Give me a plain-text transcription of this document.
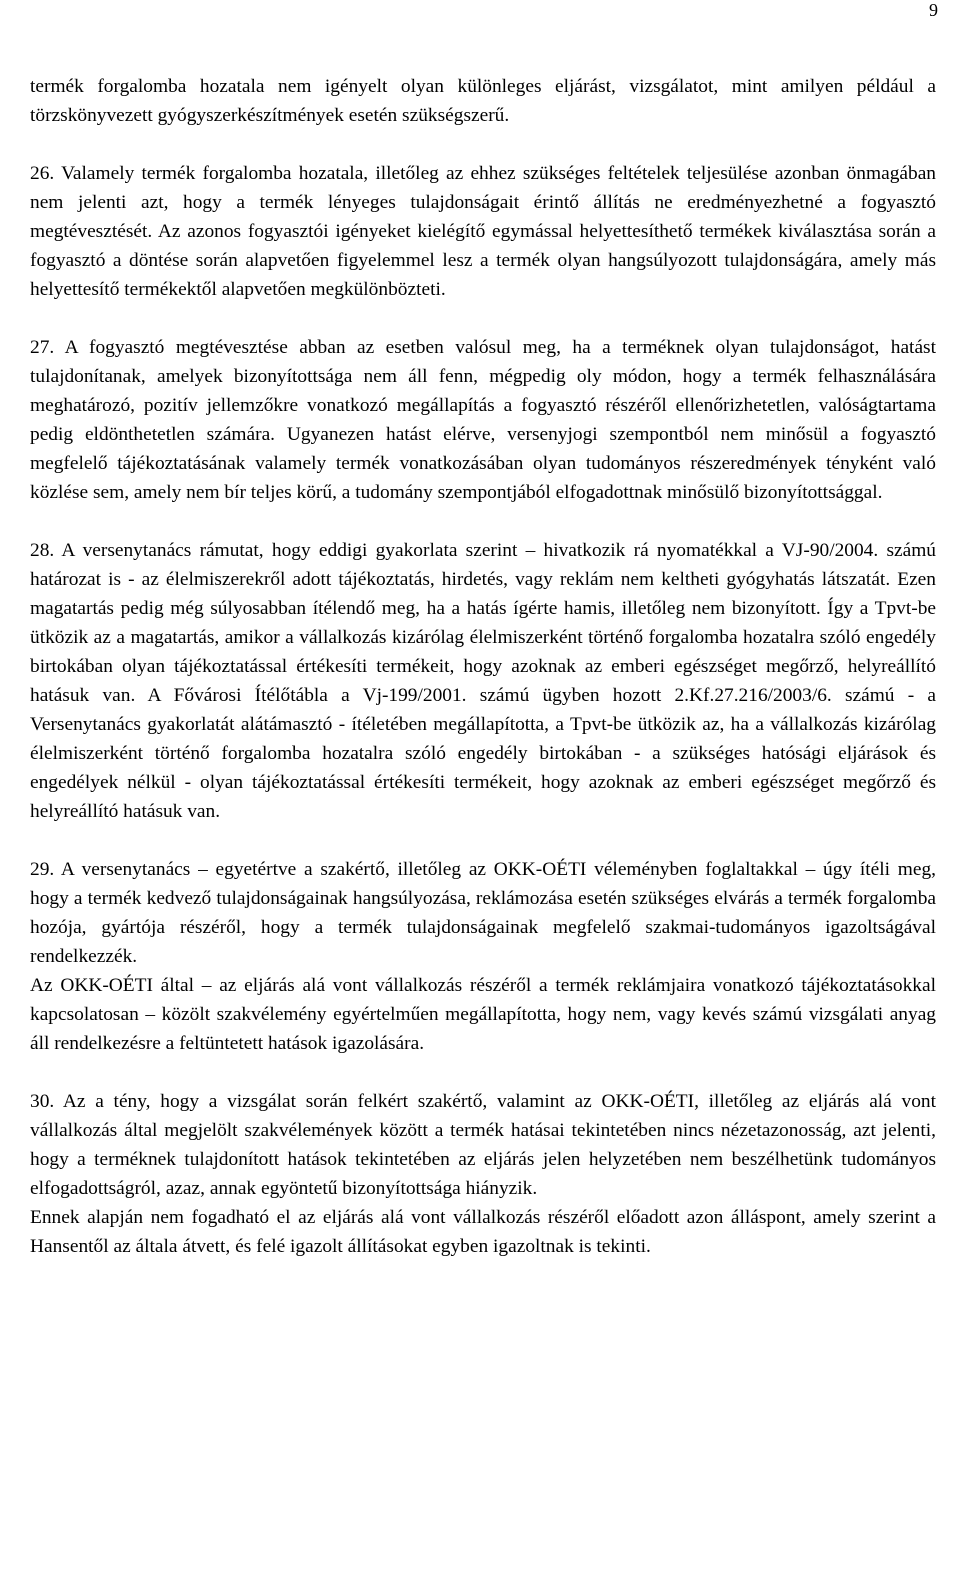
9

termék forgalomba hozatala nem igényelt olyan különleges eljárást, vizsgálatot, mint amilyen például a törzskönyvezett gyógyszerkészítmények esetén szükségszerű.

26. Valamely termék forgalomba hozatala, illetőleg az ehhez szükséges feltételek teljesülése azonban önmagában nem jelenti azt, hogy a termék lényeges tulajdonságait érintő állítás ne eredményezhetné a fogyasztó megtévesztését. Az azonos fogyasztói igényeket kielégítő egymással helyettesíthető termékek kiválasztása során a fogyasztó a döntése során alapvetően figyelemmel lesz a termék olyan hangsúlyozott tulajdonságára, amely más helyettesítő termékektől alapvetően megkülönbözteti.

27. A fogyasztó megtévesztése abban az esetben valósul meg, ha a terméknek olyan tulajdonságot, hatást tulajdonítanak, amelyek bizonyítottsága nem áll fenn, mégpedig oly módon, hogy a termék felhasználására meghatározó, pozitív jellemzőkre vonatkozó megállapítás a fogyasztó részéről ellenőrizhetetlen, valóságtartama pedig eldönthetetlen számára. Ugyanezen hatást elérve, versenyjogi szempontból nem minősül a fogyasztó megfelelő tájékoztatásának valamely termék vonatkozásában olyan tudományos részeredmények tényként való közlése sem, amely nem bír teljes körű, a tudomány szempontjából elfogadottnak minősülő bizonyítottsággal.

28. A versenytanács rámutat, hogy eddigi gyakorlata szerint – hivatkozik rá nyomatékkal a VJ-90/2004. számú határozat is - az élelmiszerekről adott tájékoztatás, hirdetés, vagy reklám nem keltheti gyógyhatás látszatát. Ezen magatartás pedig még súlyosabban ítélendő meg, ha a hatás ígérte hamis, illetőleg nem bizonyított. Így a Tpvt-be ütközik az a magatartás, amikor a vállalkozás kizárólag élelmiszerként történő forgalomba hozatalra szóló engedély birtokában olyan tájékoztatással értékesíti termékeit, hogy azoknak az emberi egészséget megőrző, helyreállító hatásuk van. A Fővárosi Ítélőtábla a Vj-199/2001. számú ügyben hozott 2.Kf.27.216/2003/6. számú - a Versenytanács gyakorlatát alátámasztó - ítéletében megállapította, a Tpvt-be ütközik az, ha a vállalkozás kizárólag élelmiszerként történő forgalomba hozatalra szóló engedély birtokában - a szükséges hatósági eljárások és engedélyek nélkül - olyan tájékoztatással értékesíti termékeit, hogy azoknak az emberi egészséget megőrző és helyreállító hatásuk van.

29. A versenytanács – egyetértve a szakértő, illetőleg az OKK-OÉTI véleményben foglaltakkal – úgy ítéli meg, hogy a termék kedvező tulajdonságainak hangsúlyozása, reklámozása esetén szükséges elvárás a termék forgalomba hozója, gyártója részéről, hogy a termék tulajdonságainak megfelelő szakmai-tudományos igazoltságával rendelkezzék.

Az OKK-OÉTI által – az eljárás alá vont vállalkozás részéről a termék reklámjaira vonatkozó tájékoztatásokkal kapcsolatosan – közölt szakvélemény egyértelműen megállapította, hogy nem, vagy kevés számú vizsgálati anyag áll rendelkezésre a feltüntetett hatások igazolására.

30. Az a tény, hogy a vizsgálat során felkért szakértő, valamint az OKK-OÉTI, illetőleg az eljárás alá vont vállalkozás által megjelölt szakvélemények között a termék hatásai tekintetében nincs nézetazonosság, azt jelenti, hogy a terméknek tulajdonított hatások tekintetében az eljárás jelen helyzetében nem beszélhetünk tudományos elfogadottságról, azaz, annak egyöntetű bizonyítottsága hiányzik.

Ennek alapján nem fogadható el az eljárás alá vont vállalkozás részéről előadott azon álláspont, amely szerint a Hansentől az általa átvett, és felé igazolt állításokat egyben igazoltnak is tekinti.
